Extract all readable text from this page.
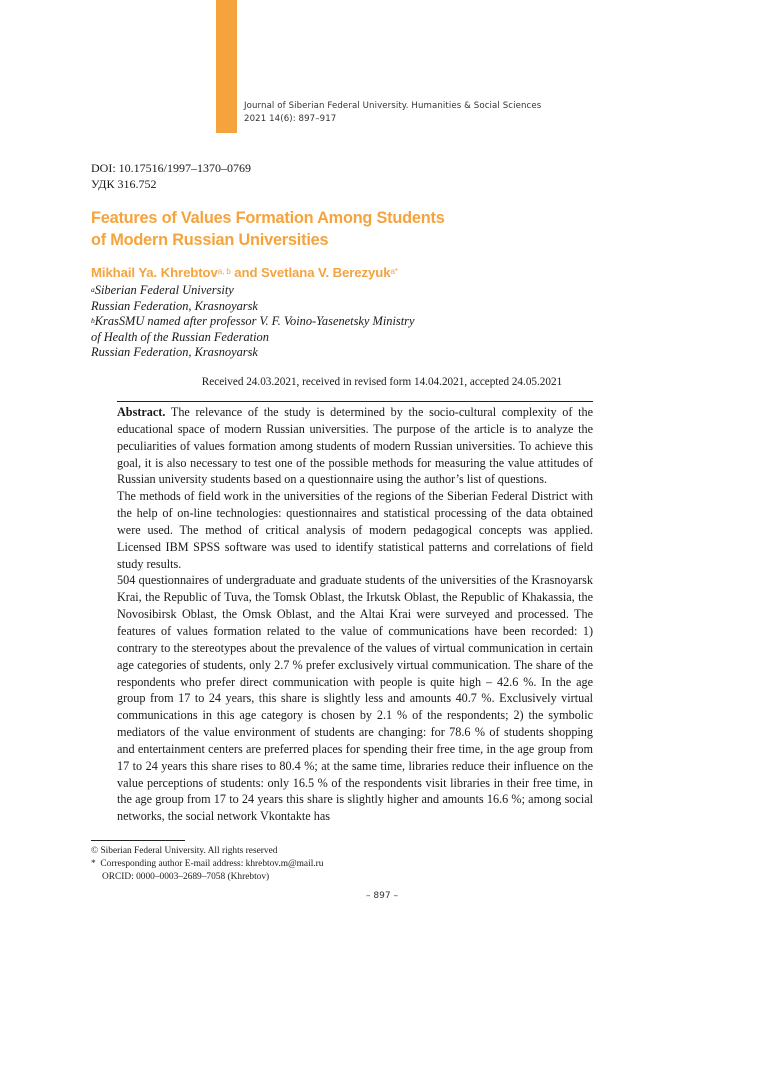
Journal of Siberian Federal University. Humanities & Social Sciences
2021 14(6): 897–917
DOI: 10.17516/1997–1370–0769
УДК 316.752
Features of Values Formation Among Students
of Modern Russian Universities
Mikhail Ya. Khrebtov$^{a, b}$ and Svetlana V. Berezyuk$^{a*}$
$^a$Siberian Federal University
Russian Federation, Krasnoyarsk
$^b$KrasSMU named after professor V. F. Voino-Yasenetsky Ministry
of Health of the Russian Federation
Russian Federation, Krasnoyarsk
Received 24.03.2021, received in revised form 14.04.2021, accepted 24.05.2021

Abstract. The relevance of the study is determined by the socio-cultural complexity of the educational space of modern Russian universities. The purpose of the article is to analyze the peculiarities of values formation among students of modern Russian universities. To achieve this goal, it is also necessary to test one of the possible methods for measuring the value attitudes of Russian university students based on a questionnaire using the author’s list of questions.

The methods of field work in the universities of the regions of the Siberian Federal District with the help of on-line technologies: questionnaires and statistical processing of the data obtained were used. The method of critical analysis of modern pedagogical concepts was applied. Licensed IBM SPSS software was used to identify statistical patterns and correlations of field study results.

504 questionnaires of undergraduate and graduate students of the universities of the Krasnoyarsk Krai, the Republic of Tuva, the Tomsk Oblast, the Irkutsk Oblast, the Republic of Khakassia, the Novosibirsk Oblast, the Omsk Oblast, and the Altai Krai were surveyed and processed. The features of values formation related to the value of communications have been recorded: 1) contrary to the stereotypes about the prevalence of the values of virtual communication in certain age categories of students, only 2.7 % prefer exclusively virtual communication. The share of the respondents who prefer direct communication with people is quite high – 42.6 %. In the age group from 17 to 24 years, this share is slightly less and amounts 40.7 %. Exclusively virtual communications in this age category is chosen by 2.1 % of the respondents; 2) the symbolic mediators of the value environment of students are changing: for 78.6 % of students shopping and entertainment centers are preferred places for spending their free time, in the age group from 17 to 24 years this share rises to 80.4 %; at the same time, libraries reduce their influence on the value perceptions of students: only 16.5 % of the respondents visit libraries in their free time, in the age group from 17 to 24 years this share is slightly higher and amounts 16.6 %; among social networks, the social network Vkontakte has

© Siberian Federal University. All rights reserved
*  Corresponding author E-mail address: khrebtov.m@mail.ru
ORCID: 0000–0003–2689–7058 (Khrebtov)
– 897 –
